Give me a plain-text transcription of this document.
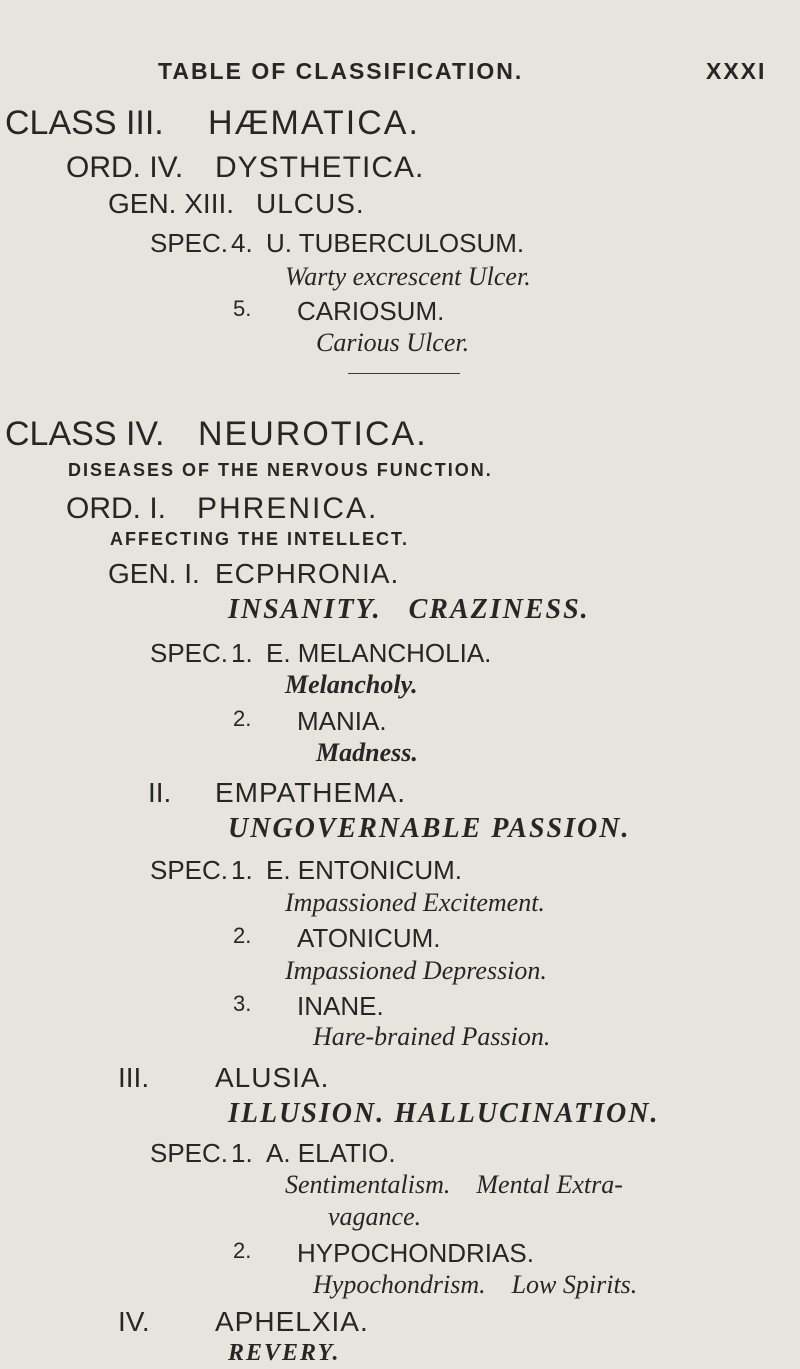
TABLE OF CLASSIFICATION.	XXXI
CLASS III. HÆMATICA.
ORD. IV. DYSTHETICA.
GEN. XIII. ULCUS.
SPEC. 4. U. TUBERCULOSUM.
Warty excrescent Ulcer.
5. CARIOSUM.
Carious Ulcer.
CLASS IV. NEUROTICA.
DISEASES OF THE NERVOUS FUNCTION.
ORD. I. PHRENICA.
AFFECTING THE INTELLECT.
GEN. I. ECPHRONIA.
INSANITY.   CRAZINESS.
SPEC. 1. E. MELANCHOLIA.
Melancholy.
2. MANIA.
Madness.
II. EMPATHEMA.
UNGOVERNABLE PASSION.
SPEC. 1. E. ENTONICUM.
Impassioned Excitement.
2. ATONICUM.
Impassioned Depression.
3. INANE.
Hare-brained Passion.
III. ALUSIA.
ILLUSION. HALLUCINATION.
SPEC. 1. A. ELATIO.
Sentimentalism.    Mental Extra-
vagance.
2. HYPOCHONDRIAS.
Hypochondrism.    Low Spirits.
IV. APHELXIA.
REVERY.
